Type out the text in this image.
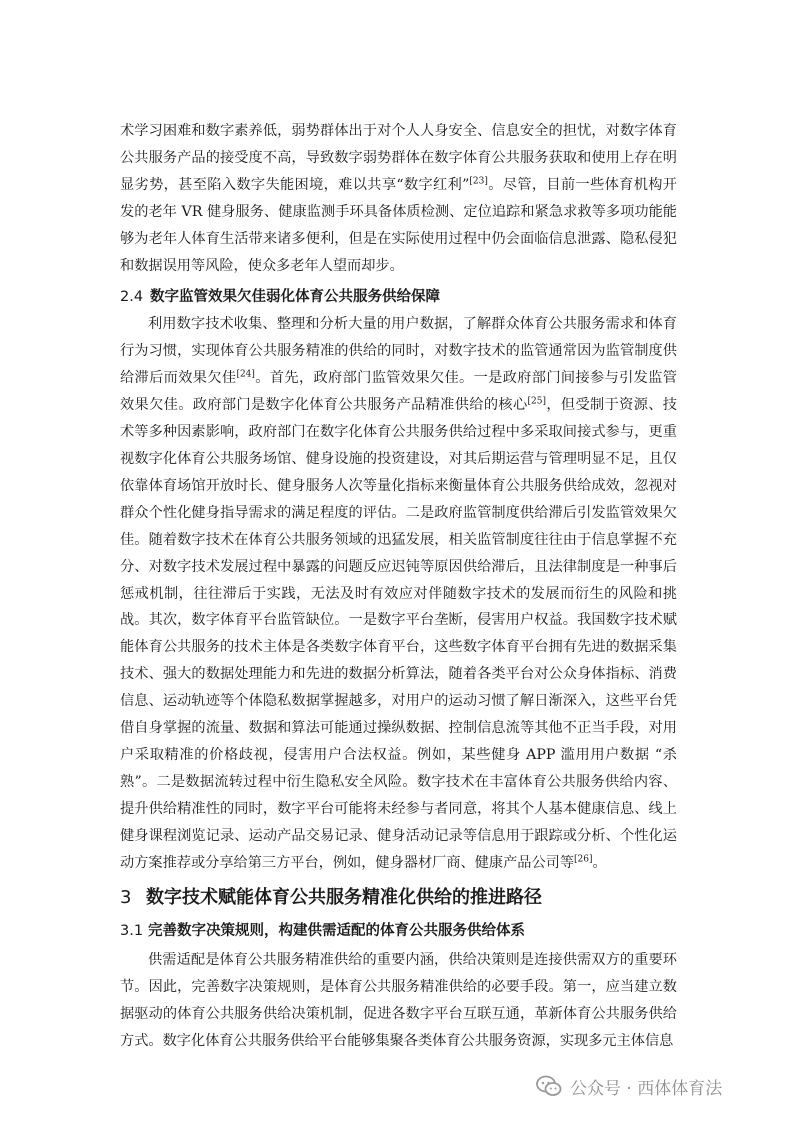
术学习困难和数字素养低，弱势群体出于对个人人身安全、信息安全的担忧，对数字体育公共服务产品的接受度不高，导致数字弱势群体在数字体育公共服务获取和使用上存在明显劣势，甚至陷入数字失能困境，难以共享“数字红利”[23]。尽管，目前一些体育机构开发的老年 VR 健身服务、健康监测手环具备体质检测、定位追踪和紧急求救等多项功能能够为老年人体育生活带来诸多便利，但是在实际使用过程中仍会面临信息泄露、隐私侵犯和数据误用等风险，使众多老年人望而却步。

2.4 数字监管效果欠佳弱化体育公共服务供给保障

利用数字技术收集、整理和分析大量的用户数据，了解群众体育公共服务需求和体育行为习惯，实现体育公共服务精准的供给的同时，对数字技术的监管通常因为监管制度供给滞后而效果欠佳[24]。首先，政府部门监管效果欠佳。一是政府部门间接参与引发监管效果欠佳。政府部门是数字化体育公共服务产品精准供给的核心[25]，但受制于资源、技术等多种因素影响，政府部门在数字化体育公共服务供给过程中多采取间接式参与，更重视数字化体育公共服务场馆、健身设施的投资建设，对其后期运营与管理明显不足，且仅依靠体育场馆开放时长、健身服务人次等量化指标来衡量体育公共服务供给成效，忽视对群众个性化健身指导需求的满足程度的评估。二是政府监管制度供给滞后引发监管效果欠佳。随着数字技术在体育公共服务领域的迅猛发展，相关监管制度往往由于信息掌握不充分、对数字技术发展过程中暴露的问题反应迟钝等原因供给滞后，且法律制度是一种事后惩戒机制，往往滞后于实践，无法及时有效应对伴随数字技术的发展而衍生的风险和挑战。其次，数字体育平台监管缺位。一是数字平台垄断，侵害用户权益。我国数字技术赋能体育公共服务的技术主体是各类数字体育平台，这些数字体育平台拥有先进的数据采集技术、强大的数据处理能力和先进的数据分析算法，随着各类平台对公众身体指标、消费信息、运动轨迹等个体隐私数据掌握越多，对用户的运动习惯了解日渐深入，这些平台凭借自身掌握的流量、数据和算法可能通过操纵数据、控制信息流等其他不正当手段，对用户采取精准的价格歧视，侵害用户合法权益。例如，某些健身 APP 滥用用户数据 “杀熟”。二是数据流转过程中衍生隐私安全风险。数字技术在丰富体育公共服务供给内容、提升供给精准性的同时，数字平台可能将未经参与者同意，将其个人基本健康信息、线上健身课程浏览记录、运动产品交易记录、健身活动记录等信息用于跟踪或分析、个性化运动方案推荐或分享给第三方平台，例如，健身器材厂商、健康产品公司等[26]。

3 数字技术赋能体育公共服务精准化供给的推进路径
3.1 完善数字决策规则，构建供需适配的体育公共服务供给体系

供需适配是体育公共服务精准供给的重要内涵，供给决策则是连接供需双方的重要环节。因此，完善数字决策规则，是体育公共服务精准供给的必要手段。第一，应当建立数据驱动的体育公共服务供给决策机制，促进各数字平台互联互通，革新体育公共服务供给方式。数字化体育公共服务供给平台能够集聚各类体育公共服务资源，实现多元主体信息

公众号 · 西体体育法
